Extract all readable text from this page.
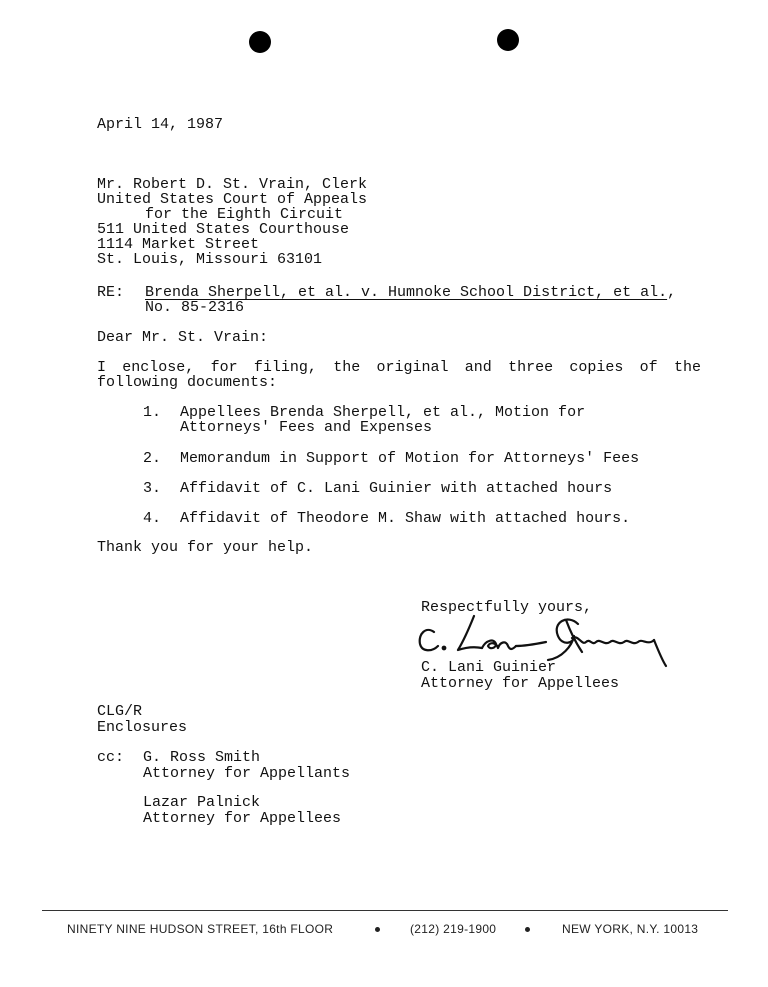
April 14, 1987
Mr. Robert D. St. Vrain, Clerk
United States Court of Appeals
for the Eighth Circuit
511 United States Courthouse
1114 Market Street
St. Louis, Missouri 63101
RE: Brenda Sherpell, et al. v. Humnoke School District, et al.,
No. 85-2316
Dear Mr. St. Vrain:
I enclose, for filing, the original and three copies of the
following documents:
1. Appellees Brenda Sherpell, et al., Motion for
Attorneys' Fees and Expenses
2. Memorandum in Support of Motion for Attorneys' Fees
3. Affidavit of C. Lani Guinier with attached hours
4. Affidavit of Theodore M. Shaw with attached hours.
Thank you for your help.
Respectfully yours,
C. Lani Guinier
Attorney for Appellees
CLG/R
Enclosures
cc: G. Ross Smith
Attorney for Appellants
Lazar Palnick
Attorney for Appellees
NINETY NINE HUDSON STREET, 16th FLOOR	(212) 219-1900	NEW YORK, N.Y. 10013
